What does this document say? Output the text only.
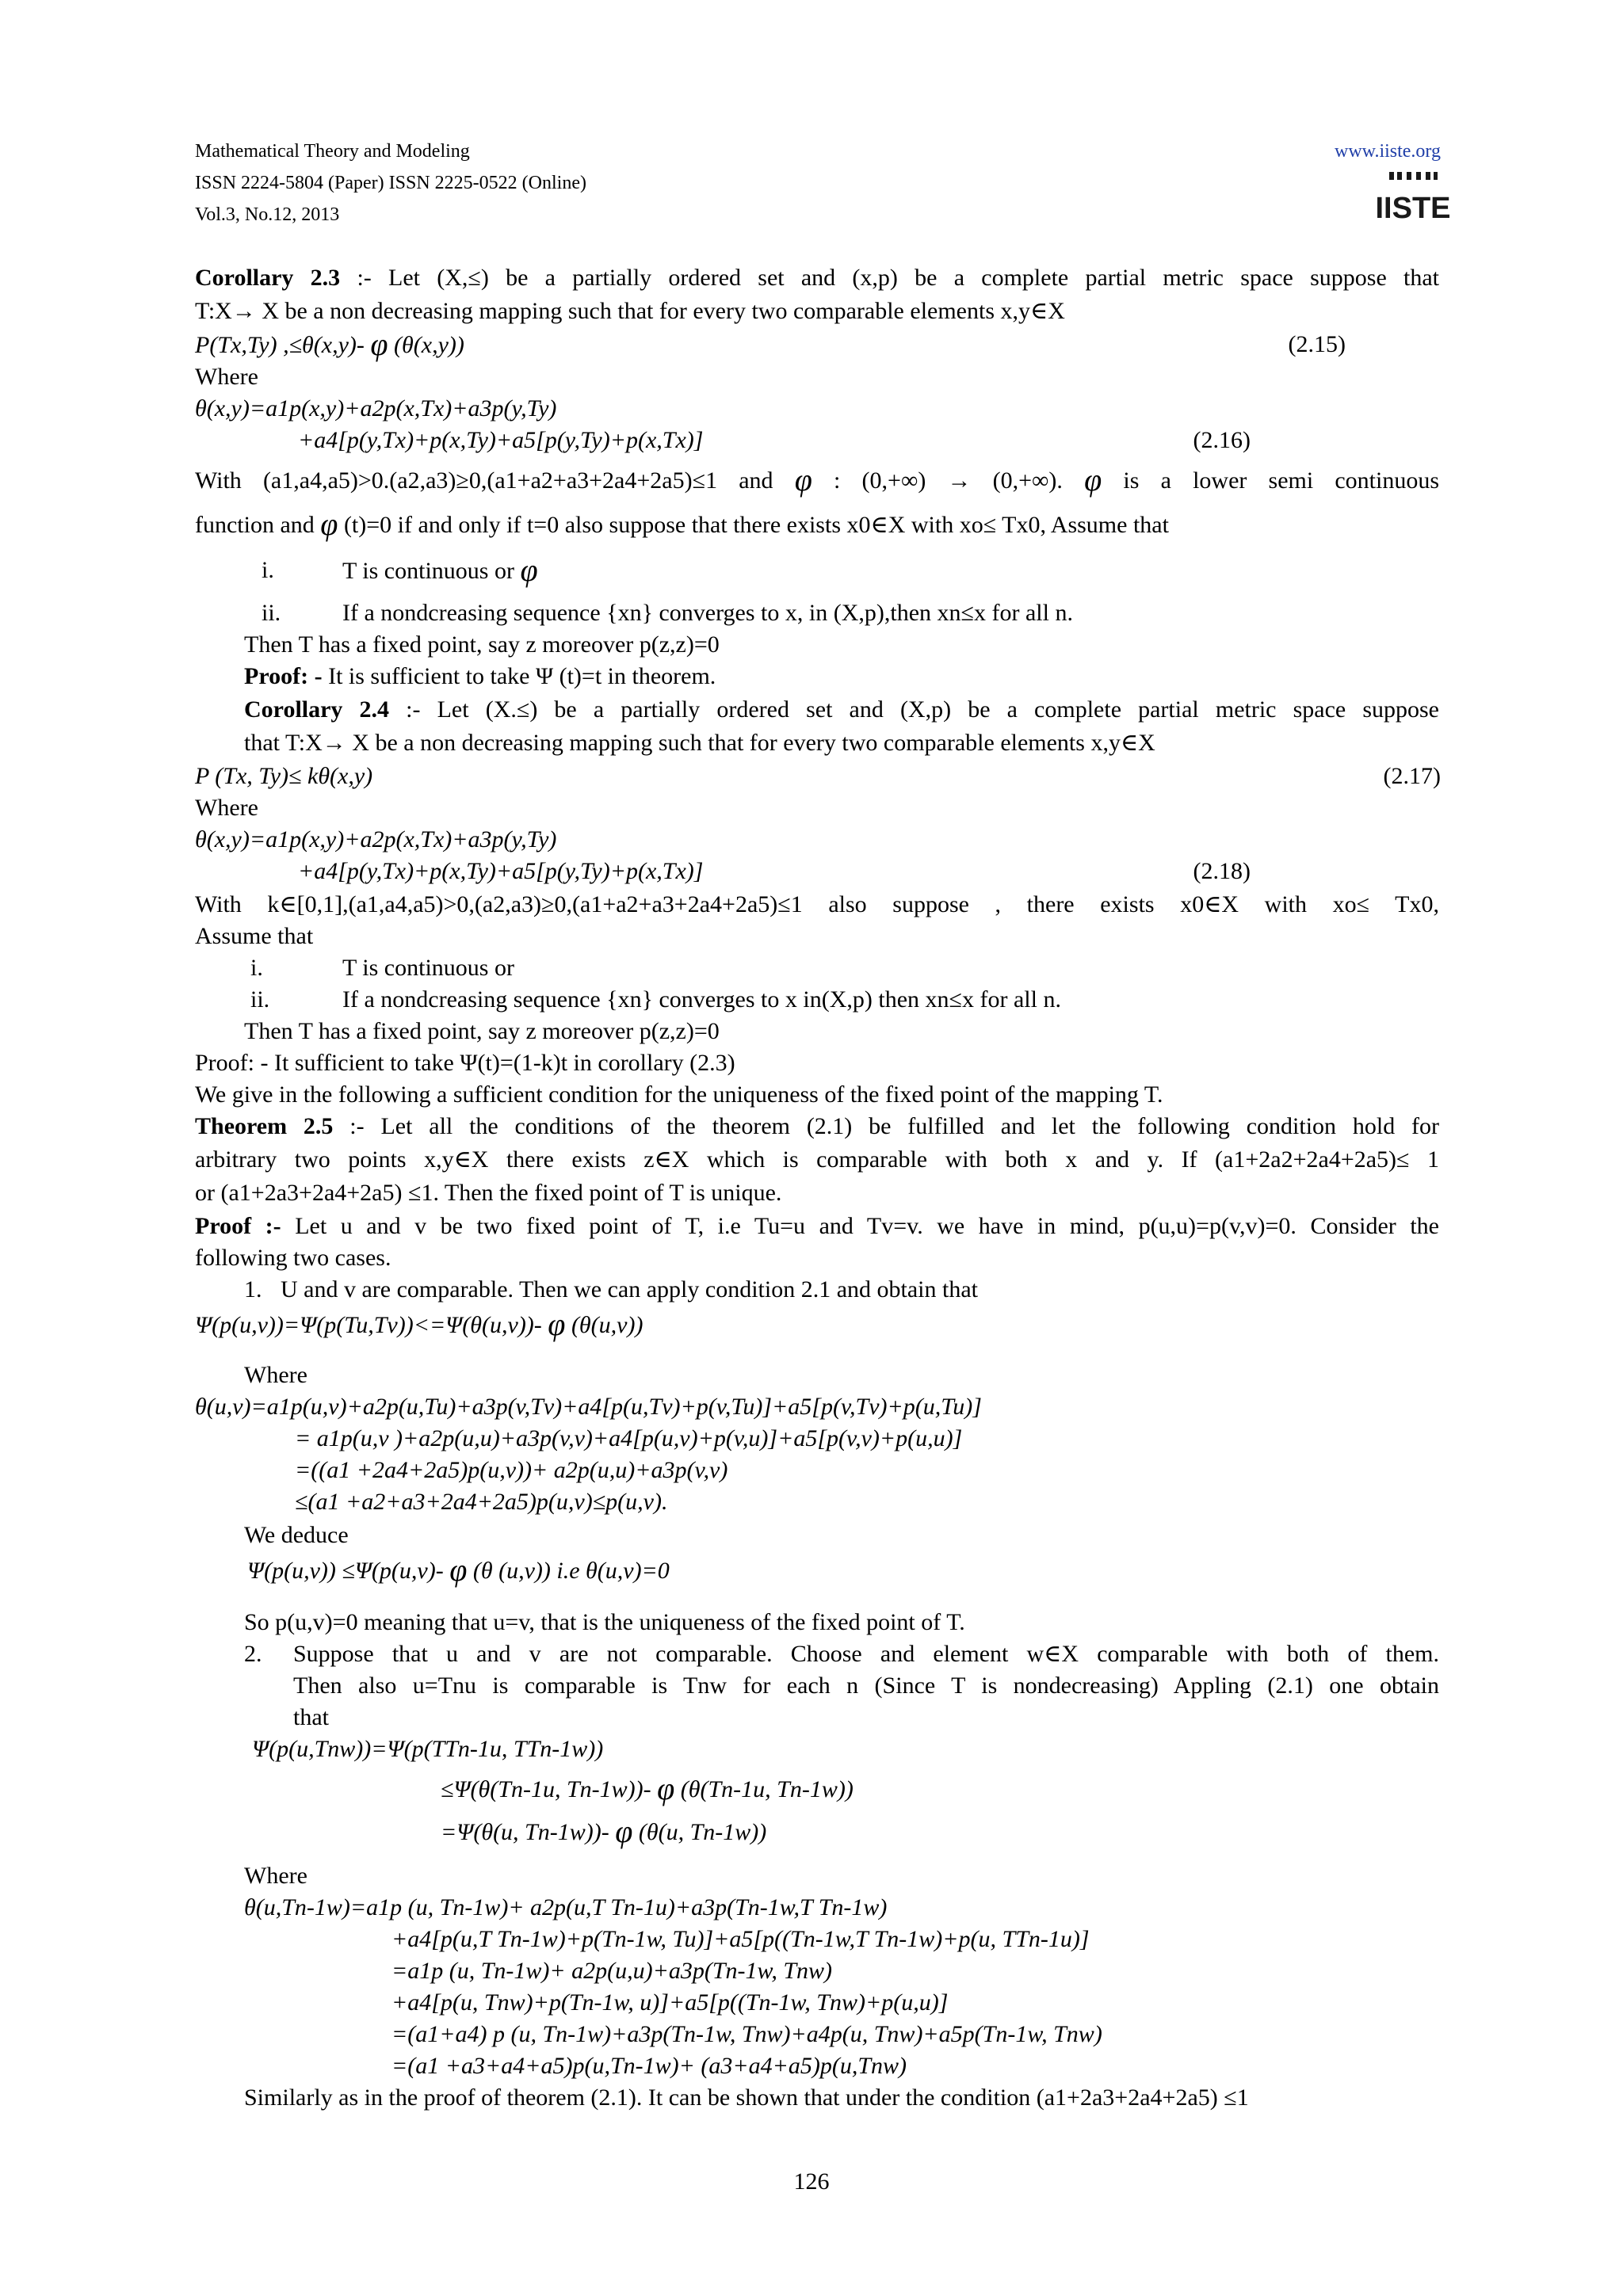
Mathematical Theory and Modeling
ISSN 2224-5804 (Paper) ISSN 2225-0522 (Online)
Vol.3, No.12, 2013
www.iiste.org
IISTE
Corollary 2.3 :- Let (X,≤) be a partially ordered set and (x,p) be a complete partial metric space suppose that
T:X→ X be a non decreasing mapping such that for every two comparable elements x,y∈X
P(Tx,Ty) ,≤θ(x,y)- φ (θ(x,y))	(2.15)
Where
θ(x,y)=a1p(x,y)+a2p(x,Tx)+a3p(y,Ty)
+a4[p(y,Tx)+p(x,Ty)+a5[p(y,Ty)+p(x,Tx)]	(2.16)
With (a1,a4,a5)>0.(a2,a3)≥0,(a1+a2+a3+2a4+2a5)≤1 and φ : (0,+∞) → (0,+∞). φ is a lower semi continuous
function and φ (t)=0 if and only if t=0 also suppose that there exists x0∈X with xo≤ Tx0, Assume that
i.	T is continuous or φ
ii.	If a nondcreasing sequence {xn} converges to x, in (X,p),then xn≤x for all n.
Then T has a fixed point, say z moreover p(z,z)=0
Proof: - It is sufficient to take Ψ (t)=t in theorem.
Corollary 2.4 :- Let (X.≤) be a partially ordered set and (X,p) be a complete partial metric space suppose
that T:X→ X be a non decreasing mapping such that for every two comparable elements x,y∈X
P (Tx, Ty)≤ kθ(x,y)	(2.17)
Where
θ(x,y)=a1p(x,y)+a2p(x,Tx)+a3p(y,Ty)
+a4[p(y,Tx)+p(x,Ty)+a5[p(y,Ty)+p(x,Tx)]	(2.18)
With k∈[0,1],(a1,a4,a5)>0,(a2,a3)≥0,(a1+a2+a3+2a4+2a5)≤1 also suppose , there exists x0∈X with xo≤ Tx0,
Assume that
i.	T is continuous or
ii.	If a nondcreasing sequence {xn} converges to x in(X,p) then xn≤x for all n.
Then T has a fixed point, say z moreover p(z,z)=0
Proof: - It sufficient to take Ψ(t)=(1-k)t in corollary (2.3)
We give in the following a sufficient condition for the uniqueness of the fixed point of the mapping T.
Theorem 2.5 :- Let all the conditions of the theorem (2.1) be fulfilled and let the following condition hold for
arbitrary two points x,y∈X there exists z∈X which is comparable with both x and y. If (a1+2a2+2a4+2a5)≤ 1
or (a1+2a3+2a4+2a5) ≤1. Then the fixed point of T is unique.
Proof :- Let u and v be two fixed point of T, i.e Tu=u and Tv=v. we have in mind, p(u,u)=p(v,v)=0. Consider the
following two cases.
1. U and v are comparable. Then we can apply condition 2.1 and obtain that
Ψ(p(u,v))=Ψ(p(Tu,Tv))<=Ψ(θ(u,v))- φ (θ(u,v))
Where
θ(u,v)=a1p(u,v)+a2p(u,Tu)+a3p(v,Tv)+a4[p(u,Tv)+p(v,Tu)]+a5[p(v,Tv)+p(u,Tu)]
= a1p(u,v )+a2p(u,u)+a3p(v,v)+a4[p(u,v)+p(v,u)]+a5[p(v,v)+p(u,u)]
=((a1 +2a4+2a5)p(u,v))+ a2p(u,u)+a3p(v,v)
≤(a1 +a2+a3+2a4+2a5)p(u,v)≤p(u,v).
We deduce
Ψ(p(u,v)) ≤Ψ(p(u,v)- φ (θ (u,v)) i.e θ(u,v)=0
So p(u,v)=0 meaning that u=v, that is the uniqueness of the fixed point of T.
2. Suppose that u and v are not comparable. Choose and element w∈X comparable with both of them.
Then also u=Tnu is comparable is Tnw for each n (Since T is nondecreasing) Appling (2.1) one obtain
that
Ψ(p(u,Tnw))=Ψ(p(TTn-1u, TTn-1w))
≤Ψ(θ(Tn-1u, Tn-1w))- φ (θ(Tn-1u, Tn-1w))
=Ψ(θ(u, Tn-1w))- φ (θ(u, Tn-1w))
Where
θ(u,Tn-1w)=a1p (u, Tn-1w)+ a2p(u,T Tn-1u)+a3p(Tn-1w,T Tn-1w)
+a4[p(u,T Tn-1w)+p(Tn-1w, Tu)]+a5[p((Tn-1w,T Tn-1w)+p(u, TTn-1u)]
=a1p (u, Tn-1w)+ a2p(u,u)+a3p(Tn-1w, Tnw)
+a4[p(u, Tnw)+p(Tn-1w, u)]+a5[p((Tn-1w, Tnw)+p(u,u)]
=(a1+a4) p (u, Tn-1w)+a3p(Tn-1w, Tnw)+a4p(u, Tnw)+a5p(Tn-1w, Tnw)
=(a1 +a3+a4+a5)p(u,Tn-1w)+ (a3+a4+a5)p(u,Tnw)
Similarly as in the proof of theorem (2.1). It can be shown that under the condition (a1+2a3+2a4+2a5) ≤1
126
